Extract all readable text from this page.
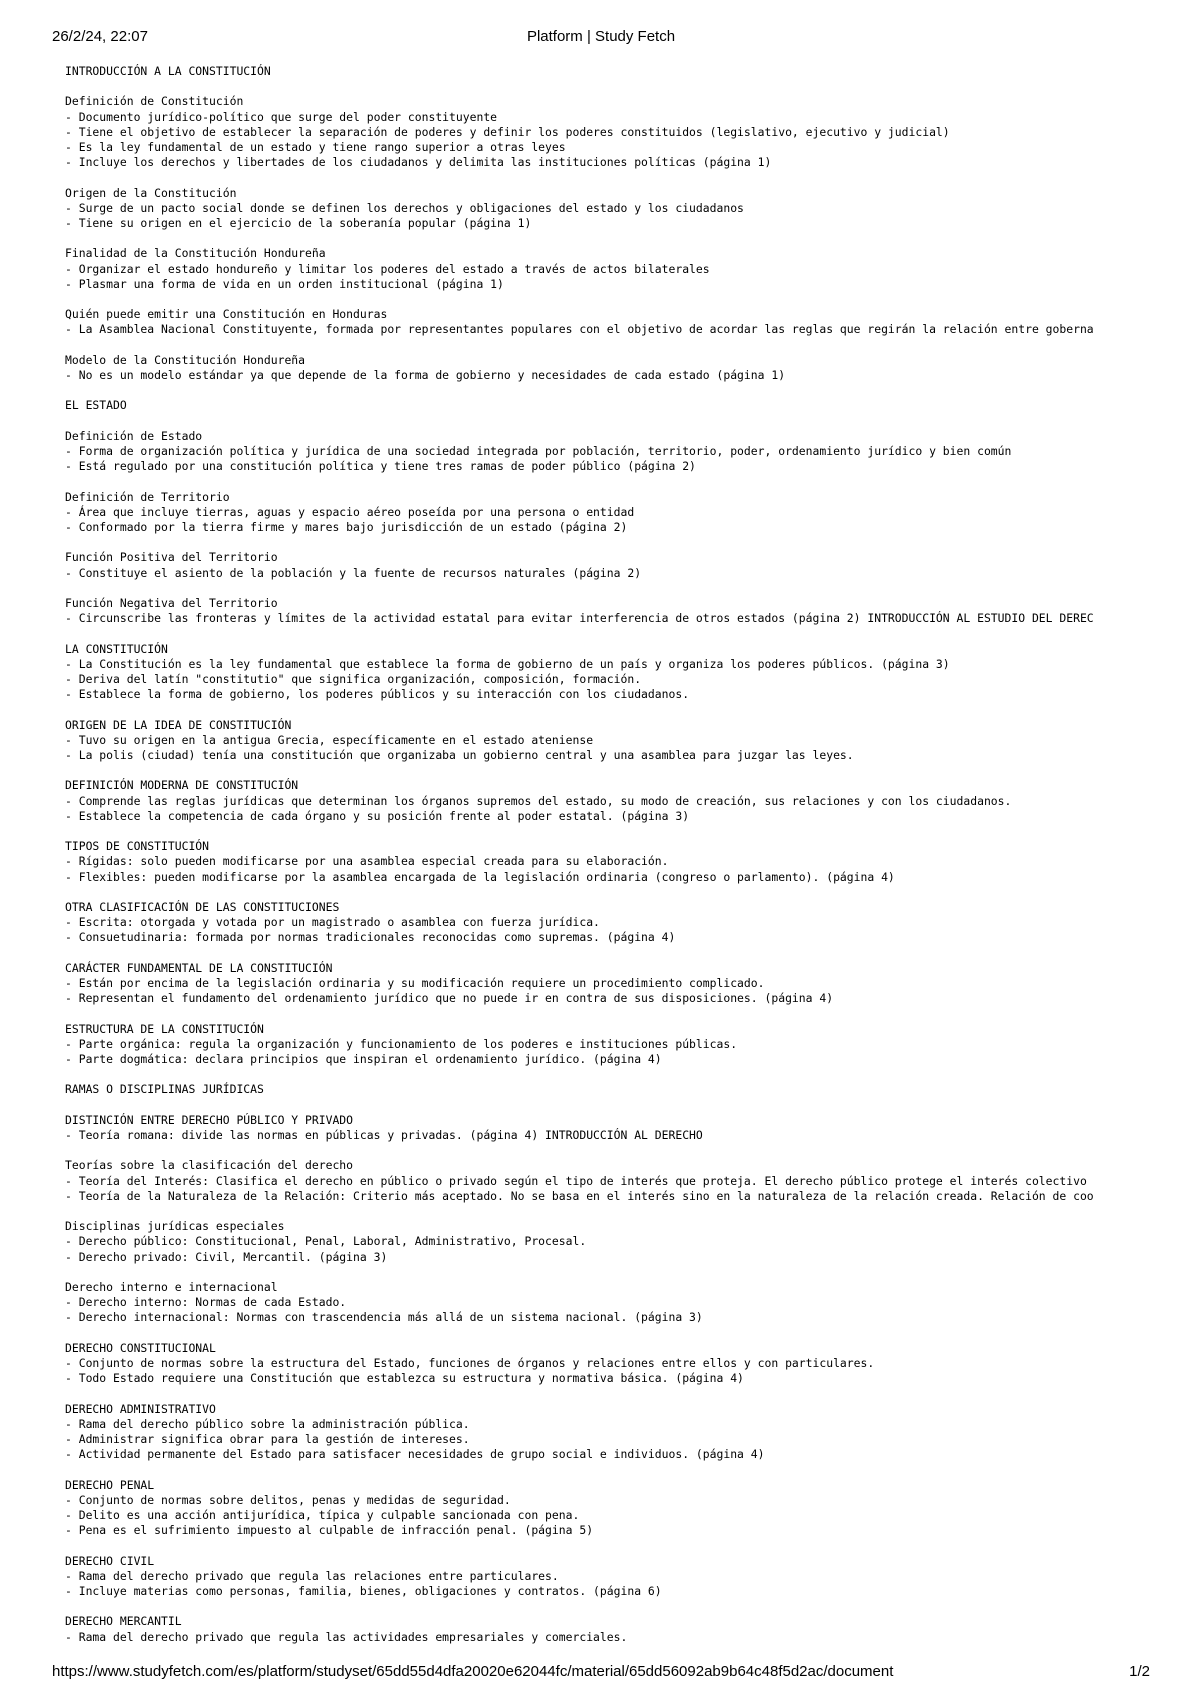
26/2/24, 22:07	Platform | Study Fetch
INTRODUCCIÓN A LA CONSTITUCIÓN
Definición de Constitución
- Documento jurídico-político que surge del poder constituyente
- Tiene el objetivo de establecer la separación de poderes y definir los poderes constituidos (legislativo, ejecutivo y judicial)
- Es la ley fundamental de un estado y tiene rango superior a otras leyes
- Incluye los derechos y libertades de los ciudadanos y delimita las instituciones políticas (página 1)
Origen de la Constitución
- Surge de un pacto social donde se definen los derechos y obligaciones del estado y los ciudadanos
- Tiene su origen en el ejercicio de la soberanía popular (página 1)
Finalidad de la Constitución Hondureña
- Organizar el estado hondureño y limitar los poderes del estado a través de actos bilaterales
- Plasmar una forma de vida en un orden institucional (página 1)
Quién puede emitir una Constitución en Honduras
- La Asamblea Nacional Constituyente, formada por representantes populares con el objetivo de acordar las reglas que regirán la relación entre goberna
Modelo de la Constitución Hondureña
- No es un modelo estándar ya que depende de la forma de gobierno y necesidades de cada estado (página 1)
EL ESTADO
Definición de Estado
- Forma de organización política y jurídica de una sociedad integrada por población, territorio, poder, ordenamiento jurídico y bien común
- Está regulado por una constitución política y tiene tres ramas de poder público (página 2)
Definición de Territorio
- Área que incluye tierras, aguas y espacio aéreo poseída por una persona o entidad
- Conformado por la tierra firme y mares bajo jurisdicción de un estado (página 2)
Función Positiva del Territorio
- Constituye el asiento de la población y la fuente de recursos naturales (página 2)
Función Negativa del Territorio
- Circunscribe las fronteras y límites de la actividad estatal para evitar interferencia de otros estados (página 2) INTRODUCCIÓN AL ESTUDIO DEL DEREC
LA CONSTITUCIÓN
- La Constitución es la ley fundamental que establece la forma de gobierno de un país y organiza los poderes públicos. (página 3)
- Deriva del latín "constitutio" que significa organización, composición, formación.
- Establece la forma de gobierno, los poderes públicos y su interacción con los ciudadanos.
ORIGEN DE LA IDEA DE CONSTITUCIÓN
- Tuvo su origen en la antigua Grecia, específicamente en el estado ateniense
- La polis (ciudad) tenía una constitución que organizaba un gobierno central y una asamblea para juzgar las leyes.
DEFINICIÓN MODERNA DE CONSTITUCIÓN
- Comprende las reglas jurídicas que determinan los órganos supremos del estado, su modo de creación, sus relaciones y con los ciudadanos.
- Establece la competencia de cada órgano y su posición frente al poder estatal. (página 3)
TIPOS DE CONSTITUCIÓN
- Rígidas: solo pueden modificarse por una asamblea especial creada para su elaboración.
- Flexibles: pueden modificarse por la asamblea encargada de la legislación ordinaria (congreso o parlamento). (página 4)
OTRA CLASIFICACIÓN DE LAS CONSTITUCIONES
- Escrita: otorgada y votada por un magistrado o asamblea con fuerza jurídica.
- Consuetudinaria: formada por normas tradicionales reconocidas como supremas. (página 4)
CARÁCTER FUNDAMENTAL DE LA CONSTITUCIÓN
- Están por encima de la legislación ordinaria y su modificación requiere un procedimiento complicado.
- Representan el fundamento del ordenamiento jurídico que no puede ir en contra de sus disposiciones. (página 4)
ESTRUCTURA DE LA CONSTITUCIÓN
- Parte orgánica: regula la organización y funcionamiento de los poderes e instituciones públicas.
- Parte dogmática: declara principios que inspiran el ordenamiento jurídico. (página 4)
RAMAS O DISCIPLINAS JURÍDICAS
DISTINCIÓN ENTRE DERECHO PÚBLICO Y PRIVADO
- Teoría romana: divide las normas en públicas y privadas. (página 4) INTRODUCCIÓN AL DERECHO
Teorías sobre la clasificación del derecho
- Teoría del Interés: Clasifica el derecho en público o privado según el tipo de interés que proteja. El derecho público protege el interés colectivo
- Teoría de la Naturaleza de la Relación: Criterio más aceptado. No se basa en el interés sino en la naturaleza de la relación creada. Relación de coo
Disciplinas jurídicas especiales
- Derecho público: Constitucional, Penal, Laboral, Administrativo, Procesal.
- Derecho privado: Civil, Mercantil. (página 3)
Derecho interno e internacional
- Derecho interno: Normas de cada Estado.
- Derecho internacional: Normas con trascendencia más allá de un sistema nacional. (página 3)
DERECHO CONSTITUCIONAL
- Conjunto de normas sobre la estructura del Estado, funciones de órganos y relaciones entre ellos y con particulares.
- Todo Estado requiere una Constitución que establezca su estructura y normativa básica. (página 4)
DERECHO ADMINISTRATIVO
- Rama del derecho público sobre la administración pública.
- Administrar significa obrar para la gestión de intereses.
- Actividad permanente del Estado para satisfacer necesidades de grupo social e individuos. (página 4)
DERECHO PENAL
- Conjunto de normas sobre delitos, penas y medidas de seguridad.
- Delito es una acción antijurídica, típica y culpable sancionada con pena.
- Pena es el sufrimiento impuesto al culpable de infracción penal. (página 5)
DERECHO CIVIL
- Rama del derecho privado que regula las relaciones entre particulares.
- Incluye materias como personas, familia, bienes, obligaciones y contratos. (página 6)
DERECHO MERCANTIL
- Rama del derecho privado que regula las actividades empresariales y comerciales.
https://www.studyfetch.com/es/platform/studyset/65dd55d4dfa20020e62044fc/material/65dd56092ab9b64c48f5d2ac/document	1/2
